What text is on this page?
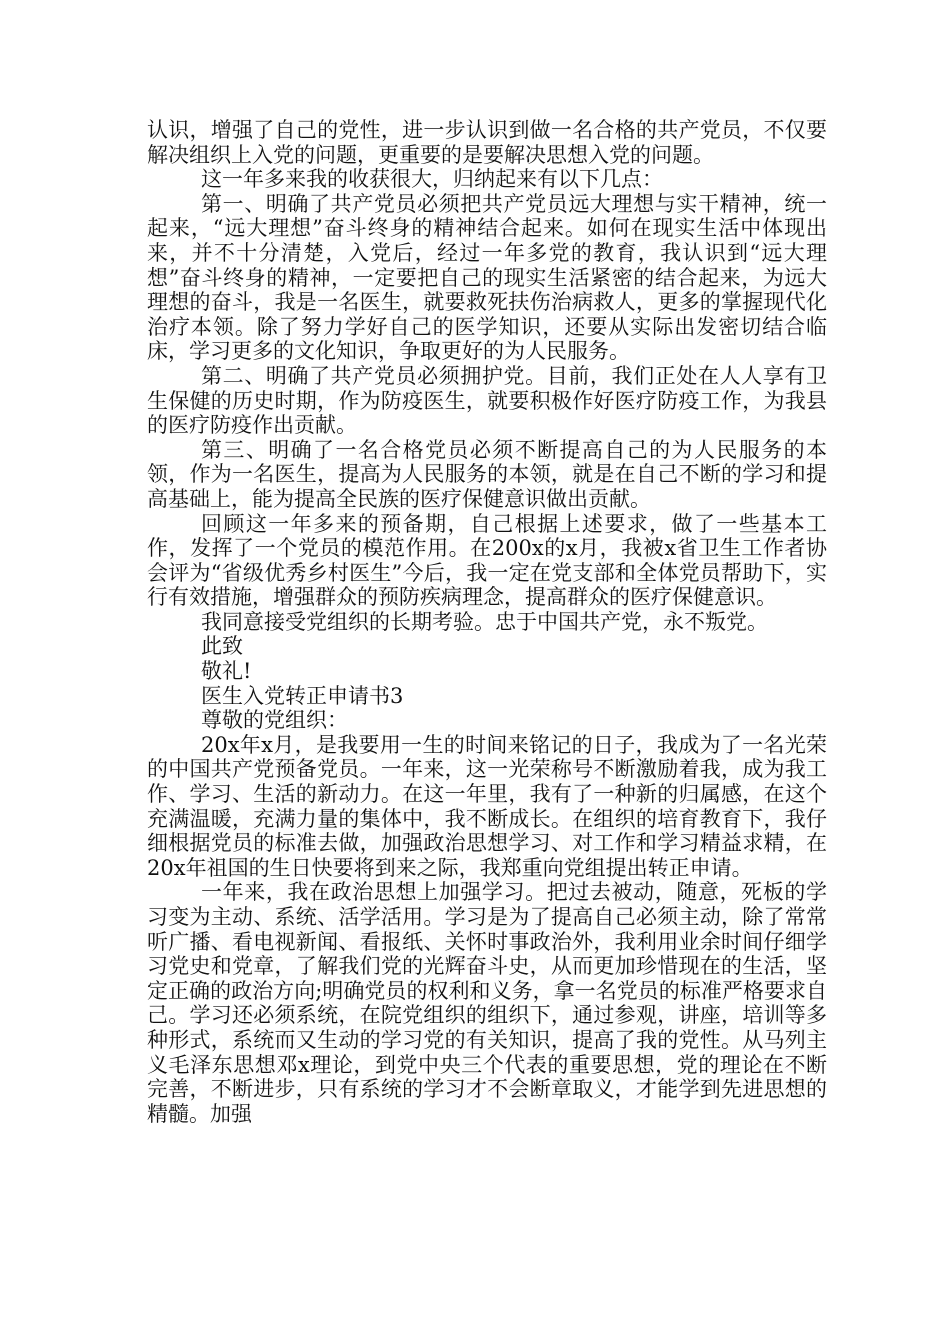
认识，增强了自己的党性，进一步认识到做一名合格的共产党员，不仅要解决组织上入党的问题，更重要的是要解决思想入党的问题。

这一年多来我的收获很大，归纳起来有以下几点：

第一、明确了共产党员必须把共产党员远大理想与实干精神，统一起来，“远大理想”奋斗终身的精神结合起来。如何在现实生活中体现出来，并不十分清楚，入党后，经过一年多党的教育，我认识到“远大理想”奋斗终身的精神，一定要把自己的现实生活紧密的结合起来，为远大理想的奋斗，我是一名医生，就要救死扶伤治病救人，更多的掌握现代化治疗本领。除了努力学好自己的医学知识，还要从实际出发密切结合临床，学习更多的文化知识，争取更好的为人民服务。

第二、明确了共产党员必须拥护党。目前，我们正处在人人享有卫生保健的历史时期，作为防疫医生，就要积极作好医疗防疫工作，为我县的医疗防疫作出贡献。

第三、明确了一名合格党员必须不断提高自己的为人民服务的本领，作为一名医生，提高为人民服务的本领，就是在自己不断的学习和提高基础上，能为提高全民族的医疗保健意识做出贡献。

回顾这一年多来的预备期，自己根据上述要求，做了一些基本工作，发挥了一个党员的模范作用。在200x的x月，我被x省卫生工作者协会评为“省级优秀乡村医生”今后，我一定在党支部和全体党员帮助下，实行有效措施，增强群众的预防疾病理念，提高群众的医疗保健意识。

我同意接受党组织的长期考验。忠于中国共产党，永不叛党。

此致

敬礼!

医生入党转正申请书3

尊敬的党组织：

20x年x月，是我要用一生的时间来铭记的日子，我成为了一名光荣的中国共产党预备党员。一年来，这一光荣称号不断激励着我，成为我工作、学习、生活的新动力。在这一年里，我有了一种新的归属感，在这个充满温暖，充满力量的集体中，我不断成长。在组织的培育教育下，我仔细根据党员的标准去做，加强政治思想学习、对工作和学习精益求精，在20x年祖国的生日快要将到来之际，我郑重向党组提出转正申请。

一年来，我在政治思想上加强学习。把过去被动，随意，死板的学习变为主动、系统、活学活用。学习是为了提高自己必须主动，除了常常听广播、看电视新闻、看报纸、关怀时事政治外，我利用业余时间仔细学习党史和党章，了解我们党的光辉奋斗史，从而更加珍惜现在的生活，坚定正确的政治方向;明确党员的权利和义务，拿一名党员的标准严格要求自己。学习还必须系统，在院党组织的组织下，通过参观，讲座，培训等多种形式，系统而又生动的学习党的有关知识，提高了我的党性。从马列主义毛泽东思想邓x理论，到党中央三个代表的重要思想，党的理论在不断完善，不断进步，只有系统的学习才不会断章取义，才能学到先进思想的精髓。加强
